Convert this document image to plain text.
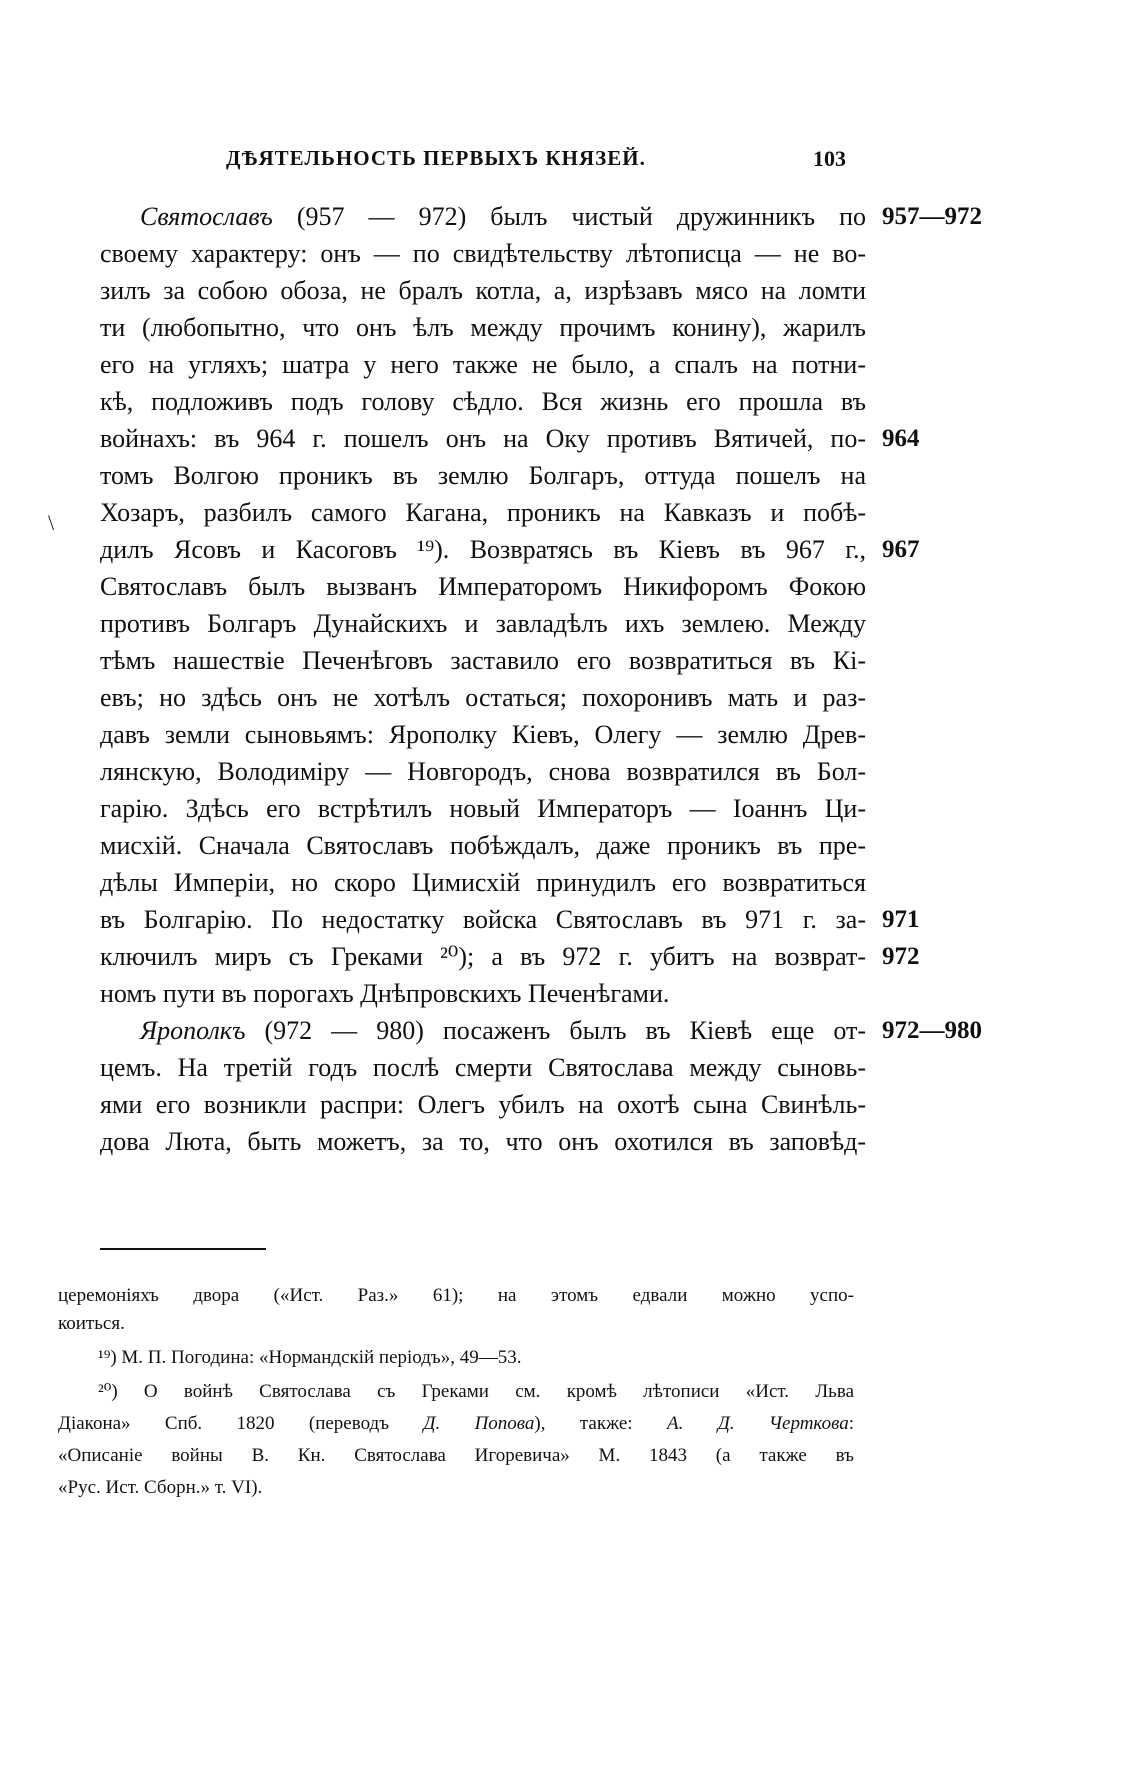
ДѢЯТЕЛЬНОСТЬ ПЕРВЫХЪ КНЯЗЕЙ.	103
Святославъ (957 — 972) былъ чистый дружинникъ по
своему характеру: онъ — по свидѣтельству лѣтописца — не во-
зилъ за собою обоза, не бралъ котла, а, изрѣзавъ мясо на ломти
ти (любопытно, что онъ ѣлъ между прочимъ конину), жарилъ
его на угляхъ; шатра у него также не было, а спалъ на потни-
кѣ, подложивъ подъ голову сѣдло. Вся жизнь его прошла въ
войнахъ: въ 964 г. пошелъ онъ на Оку противъ Вятичей, по-
томъ Волгою проникъ въ землю Болгаръ, оттуда пошелъ на
Хозаръ, разбилъ самого Кагана, проникъ на Кавказъ и побѣ-
дилъ Ясовъ и Касоговъ ¹⁹). Возвратясь въ Кіевъ въ 967 г.,
Святославъ былъ вызванъ Императоромъ Никифоромъ Фокою
противъ Болгаръ Дунайскихъ и завладѣлъ ихъ землею. Между
тѣмъ нашествіе Печенѣговъ заставило его возвратиться въ Кі-
евъ; но здѣсь онъ не хотѣлъ остаться; похоронивъ мать и раз-
давъ земли сыновьямъ: Ярополку Кіевъ, Олегу — землю Древ-
лянскую, Володиміру — Новгородъ, снова возвратился въ Бол-
гарію. Здѣсь его встрѣтилъ новый Императоръ — Іоаннъ Ци-
мисхій. Сначала Святославъ побѣждалъ, даже проникъ въ пре-
дѣлы Имперіи, но скоро Цимисхій принудилъ его возвратиться
въ Болгарію. По недостатку войска Святославъ въ 971 г. за-
ключилъ миръ съ Греками ²⁰); а въ 972 г. убитъ на возврат-
номъ пути въ порогахъ Днѣпровскихъ Печенѣгами.
Ярополкъ (972 — 980) посаженъ былъ въ Кіевѣ еще от-
цемъ. На третій годъ послѣ смерти Святослава между сыновь-
ями его возникли распри: Олегъ убилъ на охотѣ сына Свинѣль-
дова Люта, быть можетъ, за то, что онъ охотился въ заповѣд-
957—972
964
967
971
972
972—980
\
церемоніяхъ двора («Ист. Раз.» 61); на этомъ едвали можно успо-
коиться.
¹⁹) М. П. Погодина: «Нормандскій періодъ», 49—53.
²⁰) О войнѣ Святослава съ Греками см. кромѣ лѣтописи «Ист. Льва
Діакона» Спб. 1820 (переводъ Д. Попова), также: А. Д. Черткова:
«Описаніе войны В. Кн. Святослава Игоревича» М. 1843 (а также въ
«Рус. Ист. Сборн.» т. VI).
